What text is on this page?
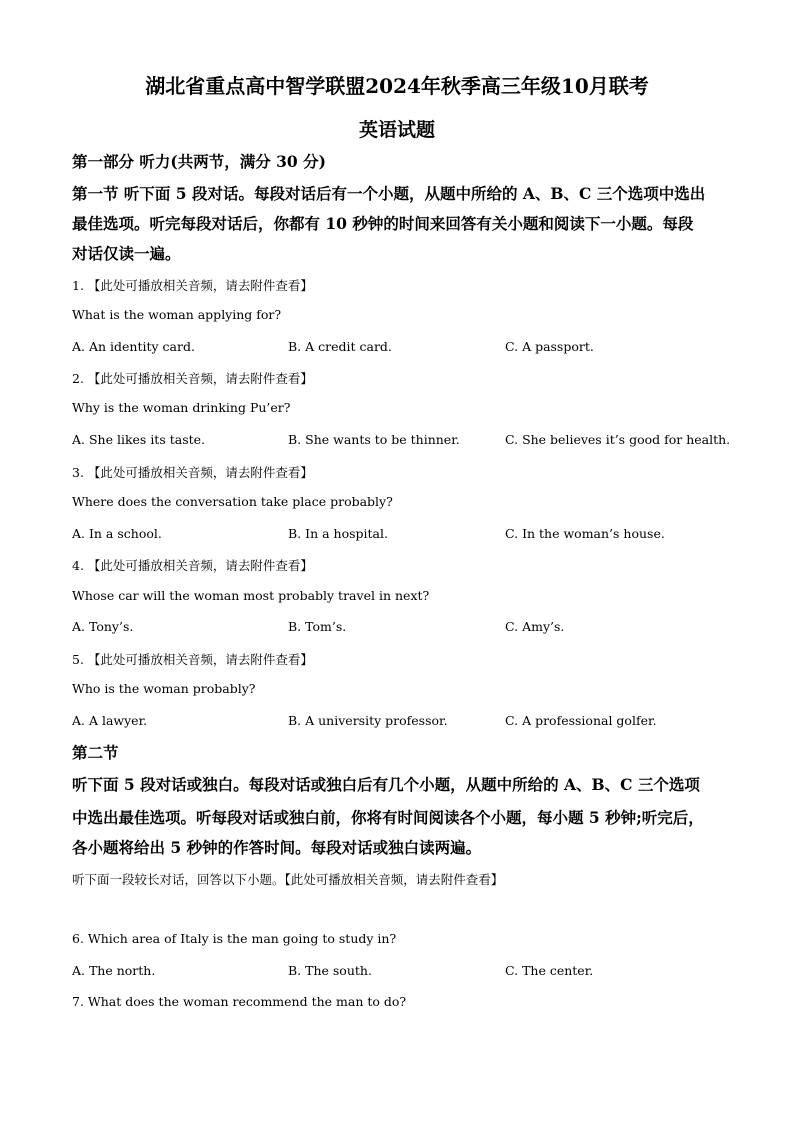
湖北省重点高中智学联盟2024年秋季高三年级10月联考

英语试题

第一部分 听力(共两节，满分 30 分)

第一节 听下面 5 段对话。每段对话后有一个小题，从题中所给的 A、B、C 三个选项中选出

最佳选项。听完每段对话后，你都有 10 秒钟的时间来回答有关小题和阅读下一小题。每段

对话仅读一遍。

1. 【此处可播放相关音频，请去附件查看】

What is the woman applying for?

A. An identity card.	B. A credit card.	C. A passport.

2. 【此处可播放相关音频，请去附件查看】

Why is the woman drinking Pu’er?

A. She likes its taste.	B. She wants to be thinner.	C. She believes it’s good for health.

3. 【此处可播放相关音频，请去附件查看】

Where does the conversation take place probably?

A. In a school.	B. In a hospital.	C. In the woman’s house.

4. 【此处可播放相关音频，请去附件查看】

Whose car will the woman most probably travel in next?

A. Tony’s.	B. Tom’s.	C. Amy’s.

5. 【此处可播放相关音频，请去附件查看】

Who is the woman probably?

A. A lawyer.	B. A university professor.	C. A professional golfer.

第二节

听下面 5 段对话或独白。每段对话或独白后有几个小题，从题中所给的 A、B、C 三个选项

中选出最佳选项。听每段对话或独白前，你将有时间阅读各个小题，每小题 5 秒钟;听完后，

各小题将给出 5 秒钟的作答时间。每段对话或独白读两遍。

听下面一段较长对话，回答以下小题。【此处可播放相关音频，请去附件查看】

6. Which area of Italy is the man going to study in?

A. The north.	B. The south.	C. The center.

7. What does the woman recommend the man to do?
